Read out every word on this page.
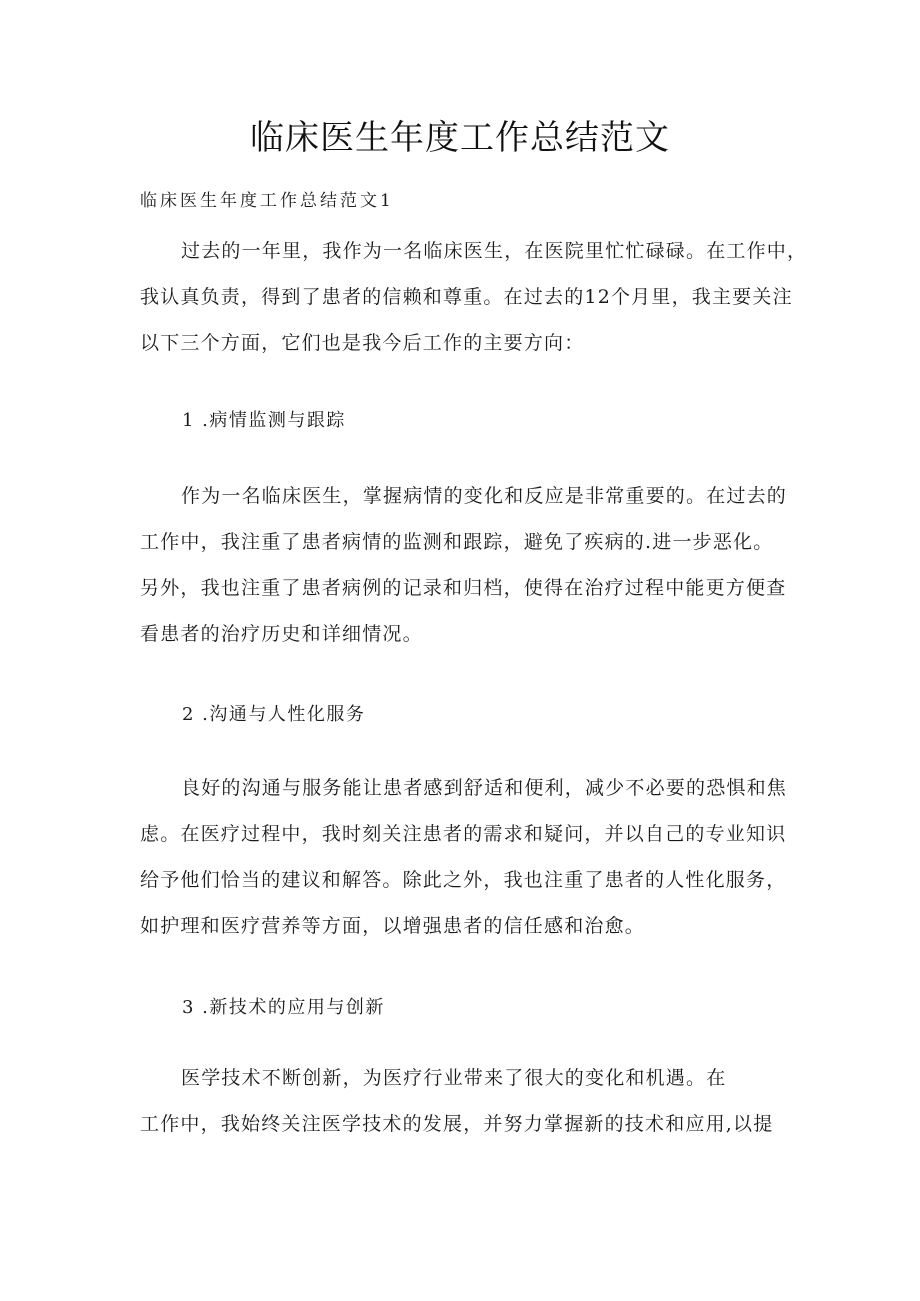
临床医生年度工作总结范文
临床医生年度工作总结范文1
过去的一年里，我作为一名临床医生，在医院里忙忙碌碌。在工作中，
我认真负责，得到了患者的信赖和尊重。在过去的12个月里，我主要关注
以下三个方面，它们也是我今后工作的主要方向：
1 .病情监测与跟踪
作为一名临床医生，掌握病情的变化和反应是非常重要的。在过去的
工作中，我注重了患者病情的监测和跟踪，避免了疾病的.进一步恶化。
另外，我也注重了患者病例的记录和归档，使得在治疗过程中能更方便查
看患者的治疗历史和详细情况。
2 .沟通与人性化服务
良好的沟通与服务能让患者感到舒适和便利，减少不必要的恐惧和焦
虑。在医疗过程中，我时刻关注患者的需求和疑问，并以自己的专业知识
给予他们恰当的建议和解答。除此之外，我也注重了患者的人性化服务，
如护理和医疗营养等方面，以增强患者的信任感和治愈。
3 .新技术的应用与创新
医学技术不断创新，为医疗行业带来了很大的变化和机遇。在
工作中，我始终关注医学技术的发展，并努力掌握新的技术和应用,以提
